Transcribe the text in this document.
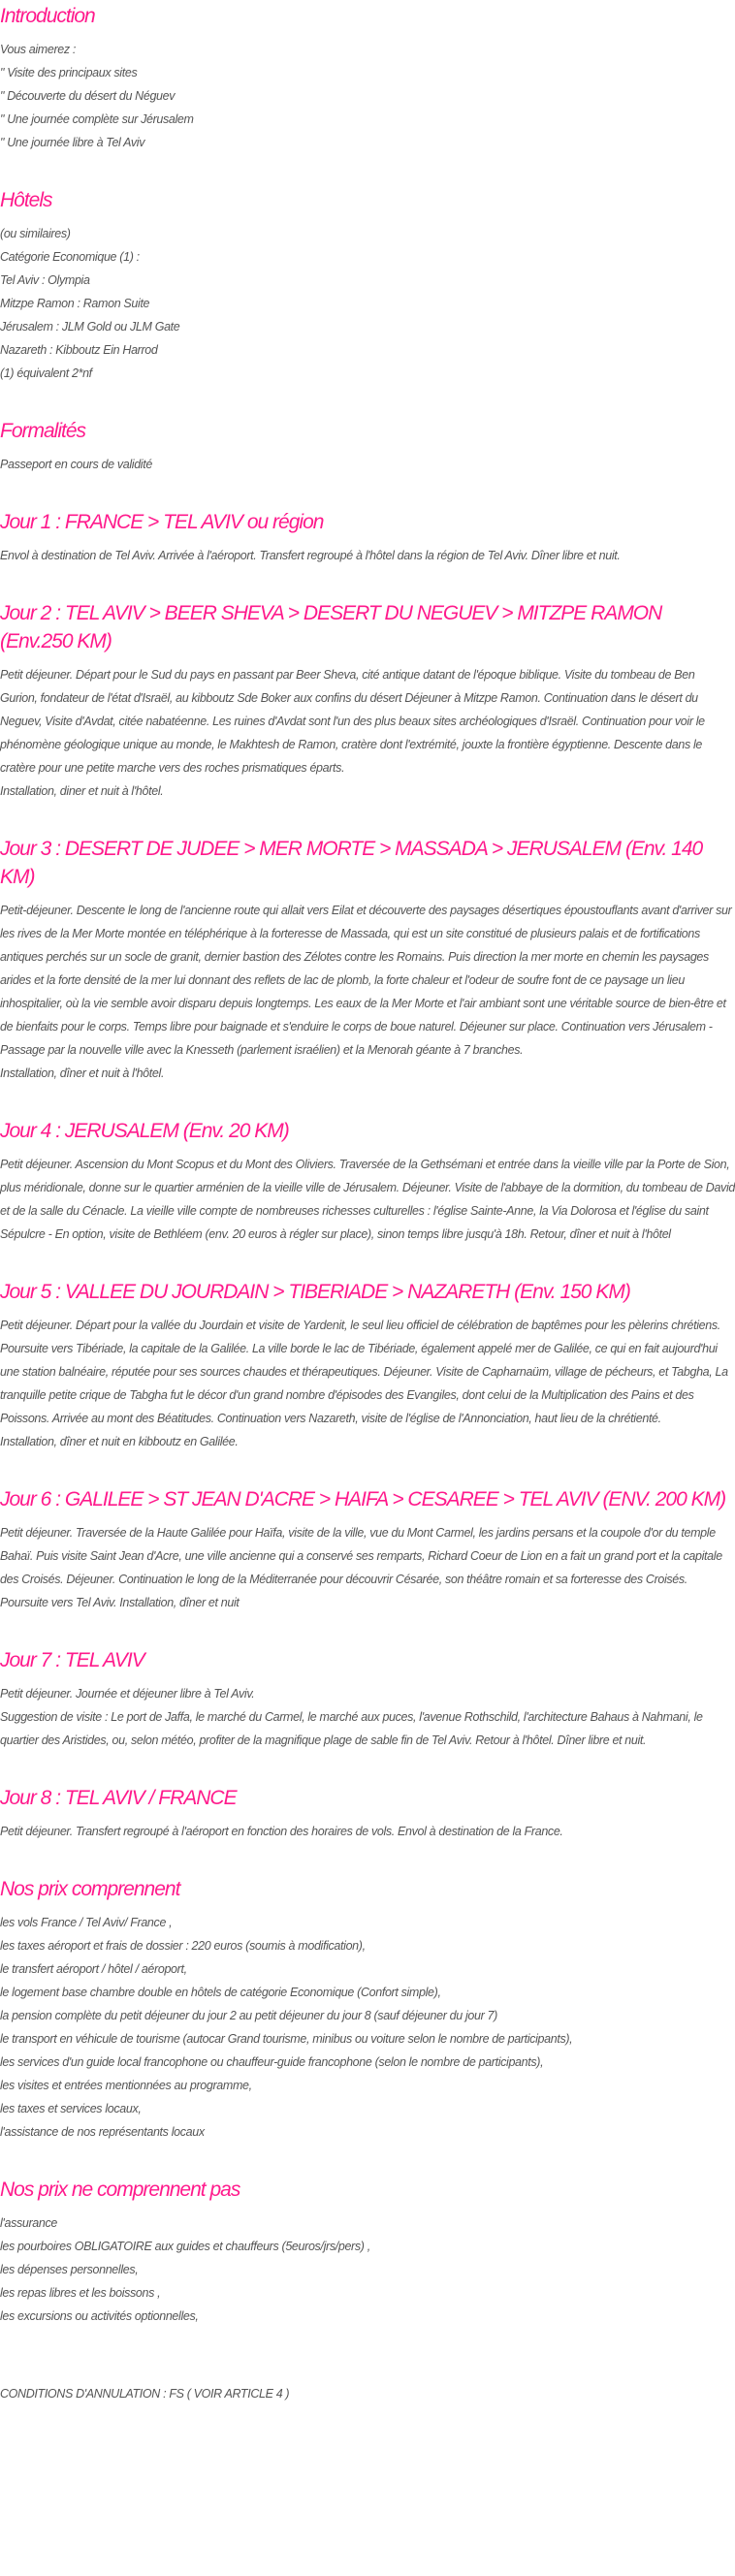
Introduction

Vous aimerez :

" Visite des principaux sites

" Découverte du désert du Néguev

" Une journée complète sur Jérusalem

" Une journée libre à Tel Aviv

Hôtels

(ou similaires)

Catégorie Economique (1) :

Tel Aviv : Olympia

Mitzpe Ramon : Ramon Suite

Jérusalem : JLM Gold ou JLM Gate

Nazareth : Kibboutz Ein Harrod

(1) équivalent 2*nf

Formalités

Passeport en cours de validité

Jour 1 : FRANCE > TEL AVIV ou région

Envol à destination de Tel Aviv. Arrivée à l'aéroport. Transfert regroupé à l'hôtel dans la région de Tel Aviv. Dîner libre et nuit.

Jour 2 : TEL AVIV > BEER SHEVA > DESERT DU NEGUEV > MITZPE RAMON (Env.250 KM)

Petit déjeuner. Départ pour le Sud du pays en passant par Beer Sheva, cité antique datant de l'époque biblique. Visite du tombeau de Ben Gurion, fondateur de l'état d'Israël, au kibboutz Sde Boker aux confins du désert Déjeuner à Mitzpe Ramon. Continuation dans le désert du Neguev, Visite d'Avdat, citée nabatéenne. Les ruines d'Avdat sont l'un des plus beaux sites archéologiques d'Israël. Continuation pour voir le phénomène géologique unique au monde, le Makhtesh de Ramon, cratère dont l'extrémité, jouxte la frontière égyptienne. Descente dans le cratère pour une petite marche vers des roches prismatiques éparts.

Installation, diner et nuit à l'hôtel.

Jour 3 : DESERT DE JUDEE > MER MORTE > MASSADA > JERUSALEM (Env. 140 KM)

Petit-déjeuner. Descente le long de l'ancienne route qui allait vers Eilat et découverte des paysages désertiques époustouflants avant d'arriver sur les rives de la Mer Morte montée en téléphérique à la forteresse de Massada, qui est un site constitué de plusieurs palais et de fortifications antiques perchés sur un socle de granit, dernier bastion des Zélotes contre les Romains. Puis direction la mer morte en chemin les paysages arides et la forte densité de la mer lui donnant des reflets de lac de plomb, la forte chaleur et l'odeur de soufre font de ce paysage un lieu inhospitalier, où la vie semble avoir disparu depuis longtemps. Les eaux de la Mer Morte et l'air ambiant sont une véritable source de bien-être et de bienfaits pour le corps. Temps libre pour baignade et s'enduire le corps de boue naturel. Déjeuner sur place. Continuation vers Jérusalem - Passage par la nouvelle ville avec la Knesseth (parlement israélien) et la Menorah géante à 7 branches.

Installation, dîner et nuit à l'hôtel.

Jour 4 : JERUSALEM (Env. 20 KM)

Petit déjeuner. Ascension du Mont Scopus et du Mont des Oliviers. Traversée de la Gethsémani et entrée dans la vieille ville par la Porte de Sion, plus méridionale, donne sur le quartier arménien de la vieille ville de Jérusalem. Déjeuner. Visite de l'abbaye de la dormition, du tombeau de David et de la salle du Cénacle. La vieille ville compte de nombreuses richesses culturelles : l'église Sainte-Anne, la Via Dolorosa et l'église du saint Sépulcre - En option, visite de Bethléem (env. 20 euros à régler sur place), sinon temps libre jusqu'à 18h. Retour, dîner et nuit à l'hôtel

Jour 5 : VALLEE DU JOURDAIN > TIBERIADE > NAZARETH (Env. 150 KM)

Petit déjeuner. Départ pour la vallée du Jourdain et visite de Yardenit, le seul lieu officiel de célébration de baptêmes pour les pèlerins chrétiens. Poursuite vers Tibériade, la capitale de la Galilée. La ville borde le lac de Tibériade, également appelé mer de Galilée, ce qui en fait aujourd'hui une station balnéaire, réputée pour ses sources chaudes et thérapeutiques. Déjeuner. Visite de Capharnaüm, village de pécheurs, et Tabgha, La tranquille petite crique de Tabgha fut le décor d'un grand nombre d'épisodes des Evangiles, dont celui de la Multiplication des Pains et des Poissons. Arrivée au mont des Béatitudes. Continuation vers Nazareth, visite de l'église de l'Annonciation, haut lieu de la chrétienté.

Installation, dîner et nuit en kibboutz en Galilée.

Jour 6 : GALILEE > ST JEAN D'ACRE > HAIFA > CESAREE > TEL AVIV (ENV. 200 KM)

Petit déjeuner. Traversée de la Haute Galilée pour Haïfa, visite de la ville, vue du Mont Carmel, les jardins persans et la coupole d'or du temple Bahaï. Puis visite Saint Jean d'Acre, une ville ancienne qui a conservé ses remparts, Richard Coeur de Lion en a fait un grand port et la capitale des Croisés. Déjeuner. Continuation le long de la Méditerranée pour découvrir Césarée, son théâtre romain et sa forteresse des Croisés. Poursuite vers Tel Aviv. Installation, dîner et nuit

Jour 7 : TEL AVIV

Petit déjeuner. Journée et déjeuner libre à Tel Aviv.

Suggestion de visite : Le port de Jaffa, le marché du Carmel, le marché aux puces, l'avenue Rothschild, l'architecture Bahaus à Nahmani, le quartier des Aristides, ou, selon météo, profiter de la magnifique plage de sable fin de Tel Aviv. Retour à l'hôtel. Dîner libre et nuit.

Jour 8 : TEL AVIV / FRANCE

Petit déjeuner. Transfert regroupé à l'aéroport en fonction des horaires de vols. Envol à destination de la France.

Nos prix comprennent

les vols France / Tel Aviv/ France ,

les taxes aéroport et frais de dossier : 220 euros (soumis à modification),

le transfert aéroport / hôtel / aéroport,

le logement base chambre double en hôtels de catégorie Economique (Confort simple),

la pension complète du petit déjeuner du jour 2 au petit déjeuner du jour 8 (sauf déjeuner du jour 7)

le transport en véhicule de tourisme (autocar Grand tourisme, minibus ou voiture selon le nombre de participants),

les services d'un guide local francophone ou chauffeur-guide francophone (selon le nombre de participants),

les visites et entrées mentionnées au programme,

les taxes et services locaux,

l'assistance de nos représentants locaux

Nos prix ne comprennent pas

l'assurance

les pourboires OBLIGATOIRE aux guides et chauffeurs (5euros/jrs/pers) ,

les dépenses personnelles,

les repas libres et les boissons ,

les excursions ou activités optionnelles,

CONDITIONS D'ANNULATION : FS ( VOIR ARTICLE 4 )
